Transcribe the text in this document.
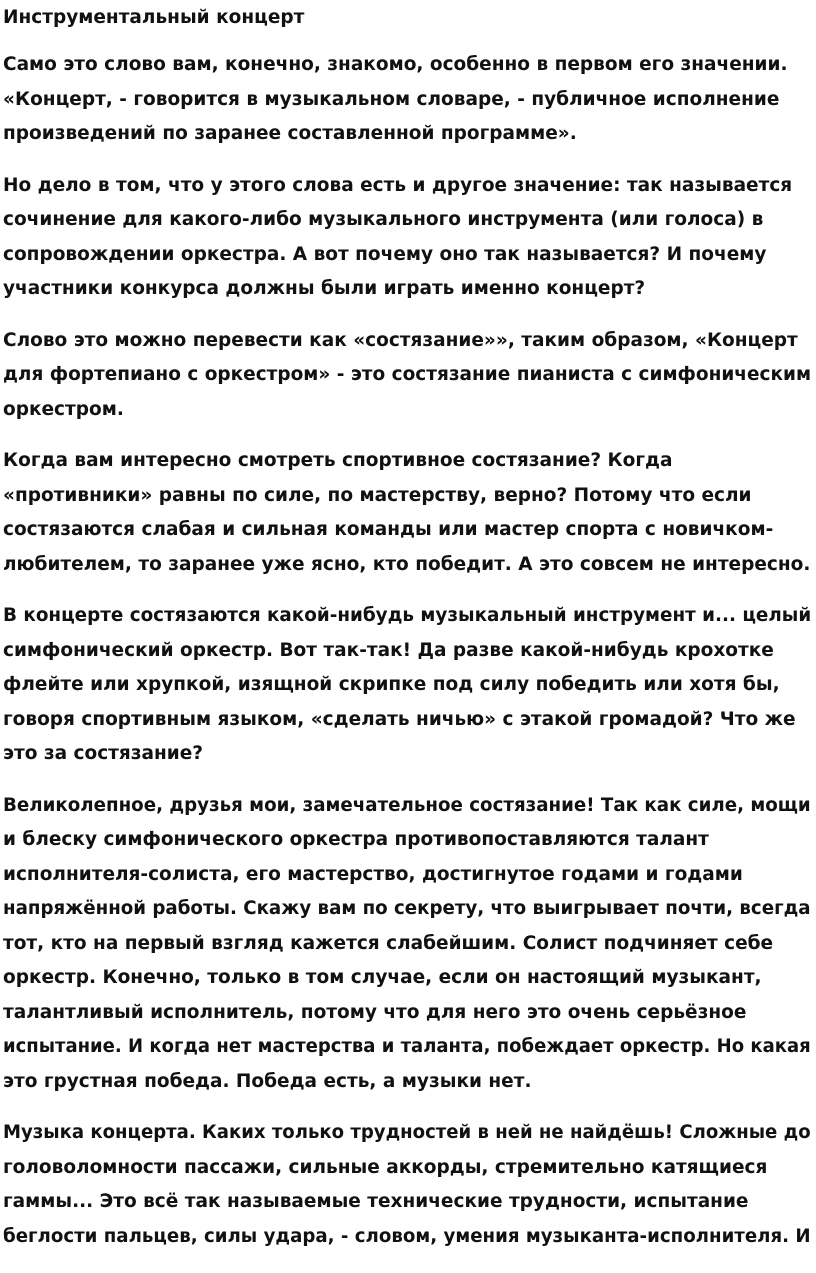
Инструментальный концерт
Само это слово вам, конечно, знакомо, особенно в первом его значении.
«Концерт, - говорится в музыкальном словаре, - публичное исполнение
произведений по заранее составленной программе».
Но дело в том, что у этого слова есть и другое значение: так называется
сочинение для какого-либо музыкального инструмента (или голоса) в
сопровождении оркестра. А вот почему оно так называется? И почему
участники конкурса должны были играть именно концерт?
Слово это можно перевести как «состязание»», таким образом, «Концерт
для фортепиано с оркестром» - это состязание пианиста с симфоническим
оркестром.
Когда вам интересно смотреть спортивное состязание? Когда
«противники» равны по силе, по мастерству, верно? Потому что если
состязаются слабая и сильная команды или мастер спорта с новичком-
любителем, то заранее уже ясно, кто победит. А это совсем не интересно.
В концерте состязаются какой-нибудь музыкальный инструмент и... целый
симфонический оркестр. Вот так-так! Да разве какой-нибудь крохотке
флейте или хрупкой, изящной скрипке под силу победить или хотя бы,
говоря спортивным языком, «сделать ничью» с этакой громадой? Что же
это за состязание?
Великолепное, друзья мои, замечательное состязание! Так как силе, мощи
и блеску симфонического оркестра противопоставляются талант
исполнителя-солиста, его мастерство, достигнутое годами и годами
напряжённой работы. Скажу вам по секрету, что выигрывает почти, всегда
тот, кто на первый взгляд кажется слабейшим. Солист подчиняет себе
оркестр. Конечно, только в том случае, если он настоящий музыкант,
талантливый исполнитель, потому что для него это очень серьёзное
испытание. И когда нет мастерства и таланта, побеждает оркестр. Но какая
это грустная победа. Победа есть, а музыки нет.
Музыка концерта. Каких только трудностей в ней не найдёшь! Сложные до
головоломности пассажи, сильные аккорды, стремительно катящиеся
гаммы... Это всё так называемые технические трудности, испытание
беглости пальцев, силы удара, - словом, умения музыканта-исполнителя. И
